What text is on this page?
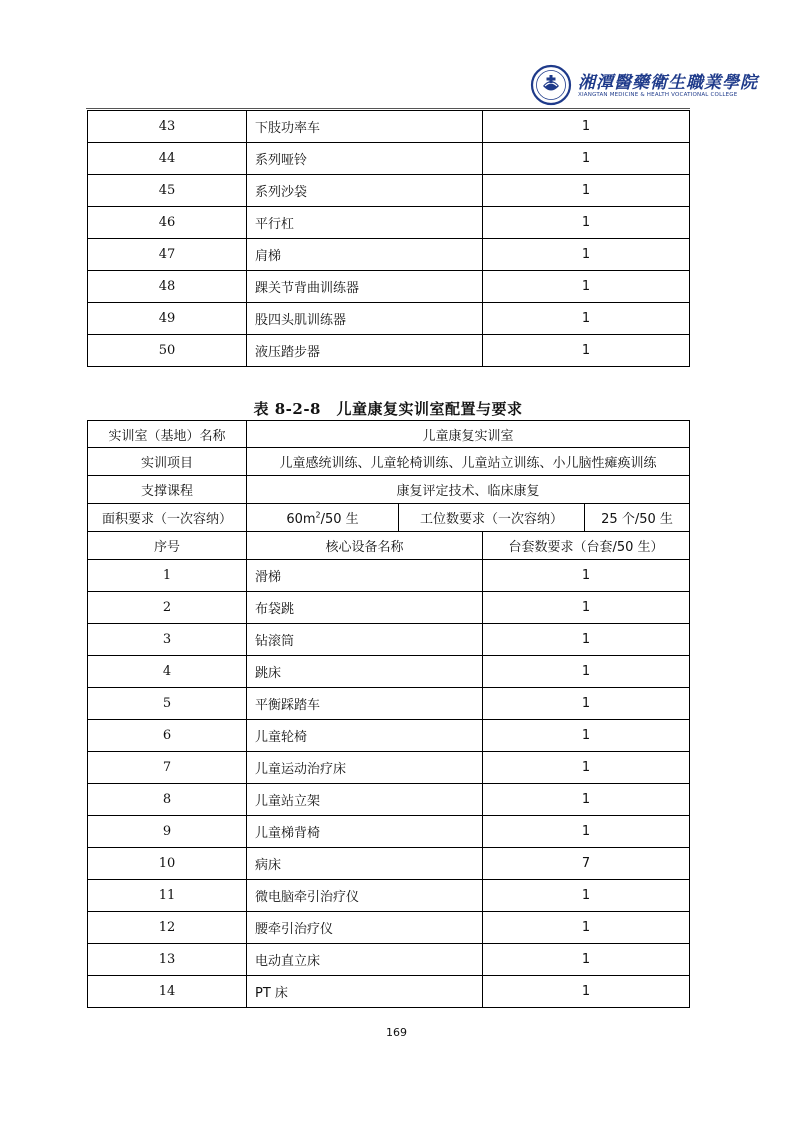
湘潭醫藥衛生職業學院
XIANGTAN MEDICINE & HEALTH VOCATIONAL COLLEGE
43	下肢功率车	1
44	系列哑铃	1
45	系列沙袋	1
46	平行杠	1
47	肩梯	1
48	踝关节背曲训练器	1
49	股四头肌训练器	1
50	液压踏步器	1
表 8-2-8　儿童康复实训室配置与要求
实训室（基地）名称	儿童康复实训室			
实训项目	儿童感统训练、儿童轮椅训练、儿童站立训练、小儿脑性瘫痪训练			
支撑课程	康复评定技术、临床康复			
面积要求（一次容纳）	$60m^2/50$ 生	工位数要求（一次容纳）		25 个/50 生
序号	核心设备名称		台套数要求（台套/50 生）	
1	滑梯		1	
2	布袋跳		1	
3	钻滚筒		1	
4	跳床		1	
5	平衡踩踏车		1	
6	儿童轮椅		1	
7	儿童运动治疗床		1	
8	儿童站立架		1	
9	儿童梯背椅		1	
10	病床		7	
11	微电脑牵引治疗仪		1	
12	腰牵引治疗仪		1	
13	电动直立床		1	
14	PT 床		1	
169
